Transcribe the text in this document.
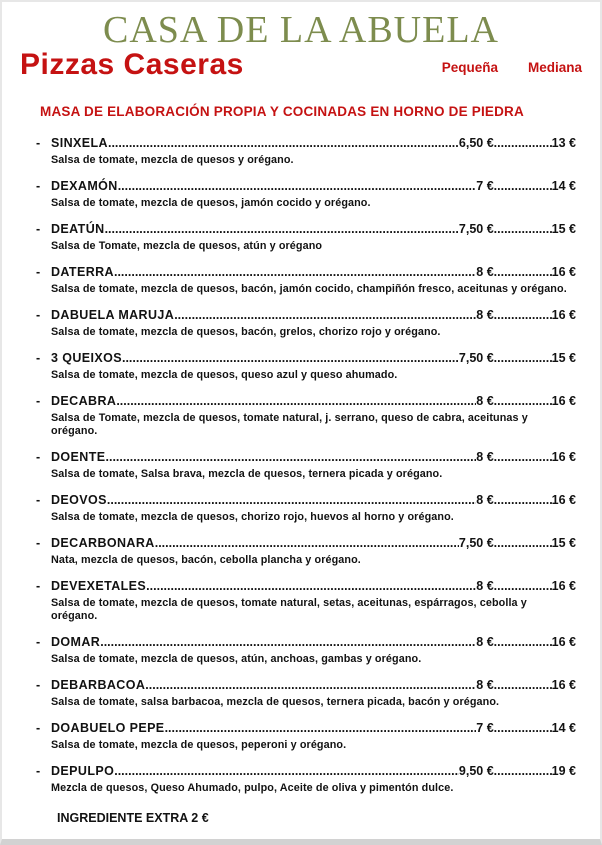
CASA DE LA ABUELA
Pizzas Caseras	Pequeña Mediana
MASA DE ELABORACIÓN PROPIA Y COCINADAS EN HORNO DE PIEDRA
- SINXELA .....	6,50 € .....	13 €
Salsa de tomate, mezcla de quesos y orégano.
- DEXAMÓN .....	7 € .....	14 €
Salsa de tomate, mezcla de quesos, jamón cocido y orégano.
- DEATÚN .....	7,50 € .....	15 €
Salsa de Tomate, mezcla de quesos, atún y orégano
- DATERRA .....	8 € .....	16 €
Salsa de tomate, mezcla de quesos, bacón, jamón cocido, champiñón fresco, aceitunas y orégano.
- DABUELA MARUJA .....	8 € .....	16 €
Salsa de tomate, mezcla de quesos, bacón, grelos, chorizo rojo y orégano.
- 3 QUEIXOS .....	7,50 € .....	15 €
Salsa de tomate, mezcla de quesos, queso azul y queso ahumado.
- DECABRA .....	8 € .....	16 €
Salsa de Tomate, mezcla de quesos, tomate natural, j. serrano, queso de cabra, aceitunas y orégano.
- DOENTE .....	8 € .....	16 €
Salsa de tomate, Salsa brava, mezcla de quesos, ternera picada y orégano.
- DEOVOS .....	8 € .....	16 €
Salsa de tomate, mezcla de quesos, chorizo rojo, huevos al horno y orégano.
- DECARBONARA .....	7,50 € .....	15 €
Nata, mezcla de quesos, bacón, cebolla plancha y orégano.
- DEVEXETALES .....	8 € .....	16 €
Salsa de tomate, mezcla de quesos, tomate natural, setas, aceitunas, espárragos, cebolla y orégano.
- DOMAR .....	8 € .....	16 €
Salsa de tomate, mezcla de quesos, atún, anchoas, gambas y orégano.
- DEBARBACOA .....	8 € .....	16 €
Salsa de tomate, salsa barbacoa, mezcla de quesos, ternera picada, bacón y orégano.
- DOABUELO PEPE .....	7 € .....	14 €
Salsa de tomate, mezcla de quesos, peperoni y orégano.
- DEPULPO .....	9,50 € .....	19 €
Mezcla de quesos, Queso Ahumado, pulpo, Aceite de oliva y pimentón dulce.
INGREDIENTE EXTRA 2 €
